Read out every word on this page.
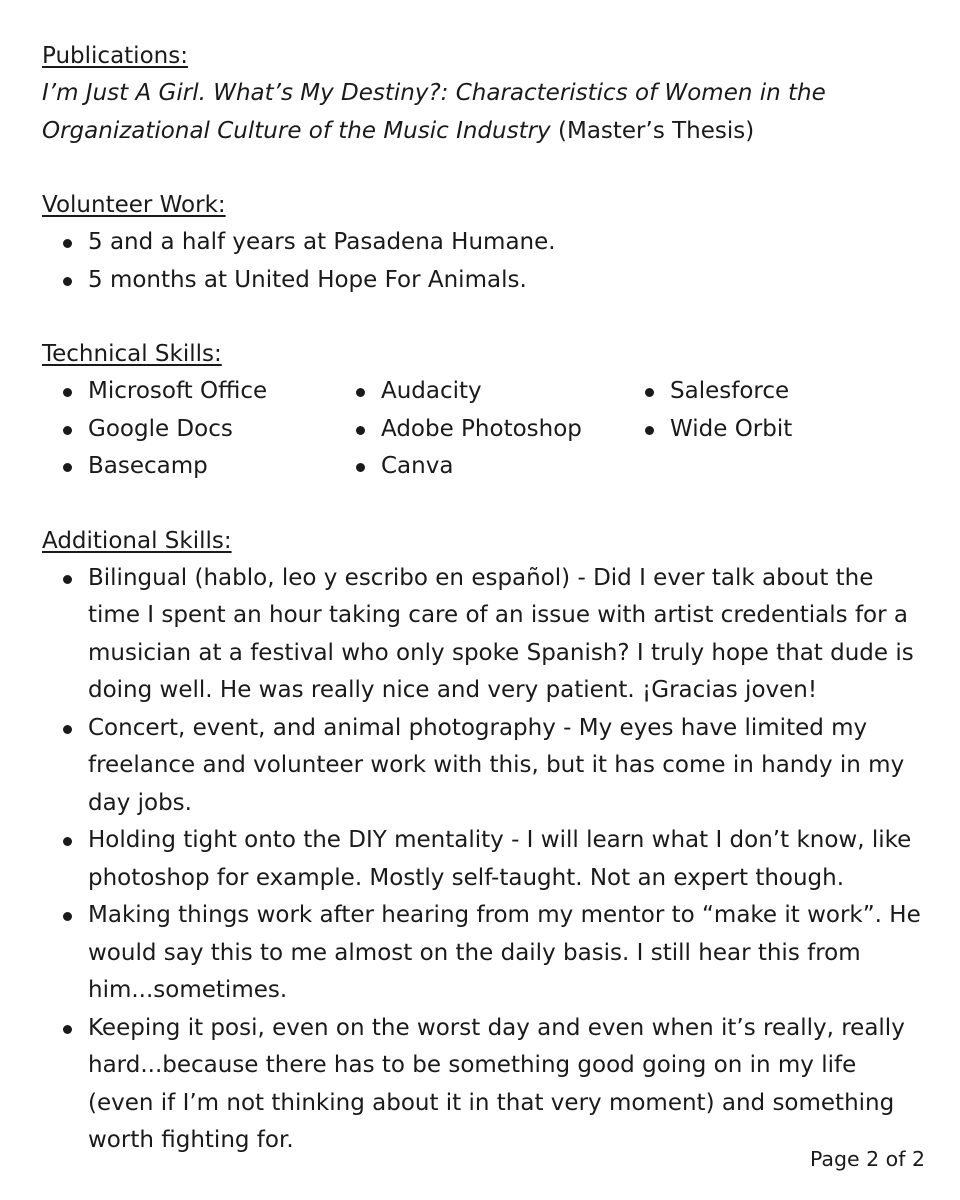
Publications:
I’m Just A Girl. What’s My Destiny?: Characteristics of Women in the
Organizational Culture of the Music Industry (Master’s Thesis)
Volunteer Work:
5 and a half years at Pasadena Humane.
5 months at United Hope For Animals.
Technical Skills:
Microsoft Office
Google Docs
Basecamp
Audacity
Adobe Photoshop
Canva
Salesforce
Wide Orbit
Additional Skills:
Bilingual (hablo, leo y escribo en español) - Did I ever talk about the time I spent an hour taking care of an issue with artist credentials for a musician at a festival who only spoke Spanish? I truly hope that dude is doing well. He was really nice and very patient. ¡Gracias joven!
Concert, event, and animal photography - My eyes have limited my freelance and volunteer work with this, but it has come in handy in my day jobs.
Holding tight onto the DIY mentality - I will learn what I don’t know, like photoshop for example. Mostly self-taught. Not an expert though.
Making things work after hearing from my mentor to “make it work”. He would say this to me almost on the daily basis. I still hear this from him...sometimes.
Keeping it posi, even on the worst day and even when it’s really, really hard...because there has to be something good going on in my life (even if I’m not thinking about it in that very moment) and something worth fighting for.
Page 2 of 2
